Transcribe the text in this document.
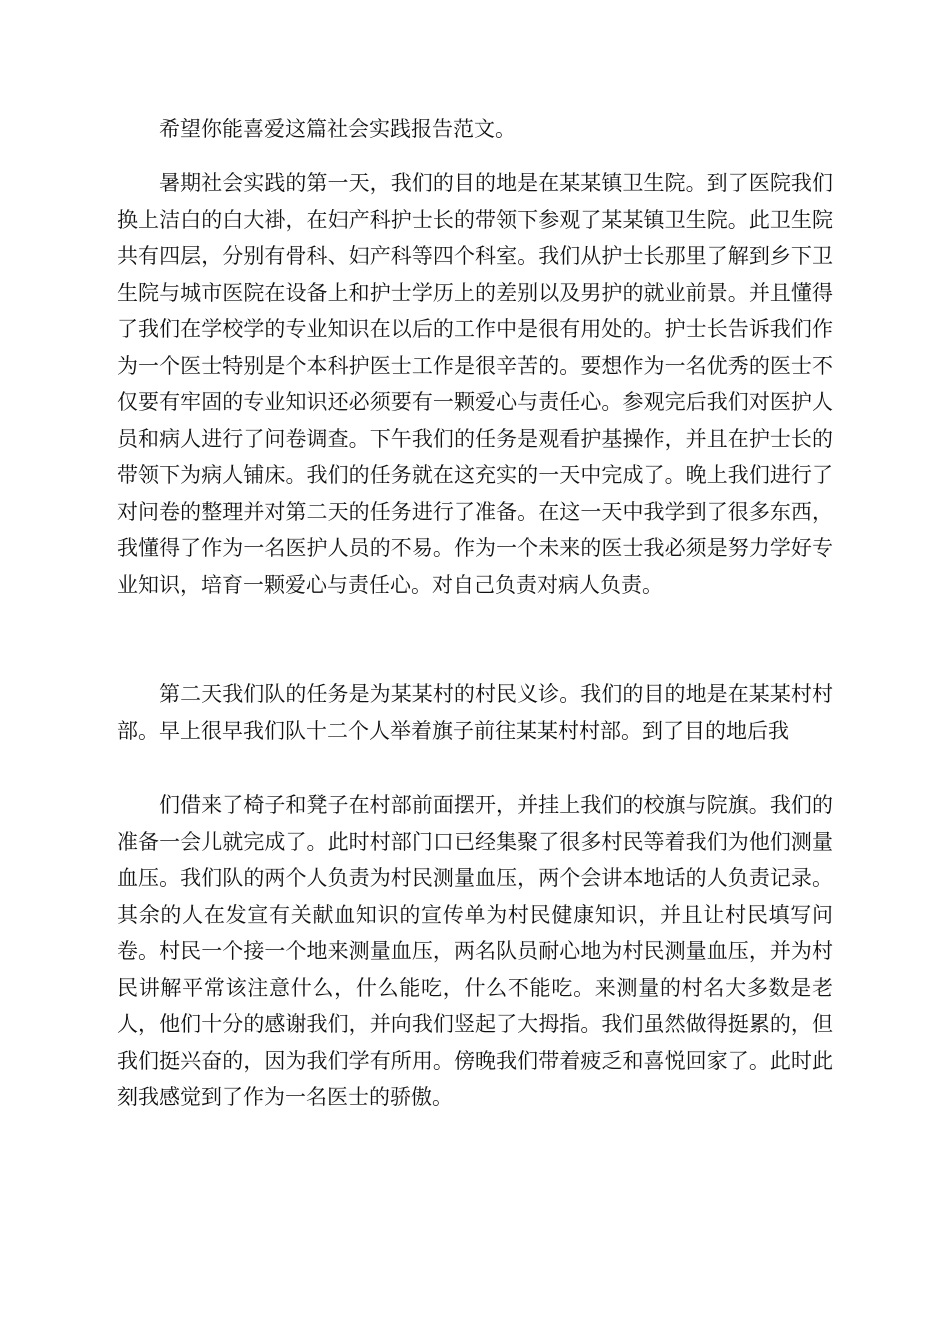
希望你能喜爱这篇社会实践报告范文。

暑期社会实践的第一天，我们的目的地是在某某镇卫生院。到了医院我们换上洁白的白大褂，在妇产科护士长的带领下参观了某某镇卫生院。此卫生院共有四层，分别有骨科、妇产科等四个科室。我们从护士长那里了解到乡下卫生院与城市医院在设备上和护士学历上的差别以及男护的就业前景。并且懂得了我们在学校学的专业知识在以后的工作中是很有用处的。护士长告诉我们作为一个医士特别是个本科护医士工作是很辛苦的。要想作为一名优秀的医士不仅要有牢固的专业知识还必须要有一颗爱心与责任心。参观完后我们对医护人员和病人进行了问卷调查。下午我们的任务是观看护基操作，并且在护士长的带领下为病人铺床。我们的任务就在这充实的一天中完成了。晚上我们进行了对问卷的整理并对第二天的任务进行了准备。在这一天中我学到了很多东西，我懂得了作为一名医护人员的不易。作为一个未来的医士我必须是努力学好专业知识，培育一颗爱心与责任心。对自己负责对病人负责。

第二天我们队的任务是为某某村的村民义诊。我们的目的地是在某某村村部。早上很早我们队十二个人举着旗子前往某某村村部。到了目的地后我

们借来了椅子和凳子在村部前面摆开，并挂上我们的校旗与院旗。我们的准备一会儿就完成了。此时村部门口已经集聚了很多村民等着我们为他们测量血压。我们队的两个人负责为村民测量血压，两个会讲本地话的人负责记录。其余的人在发宣有关献血知识的宣传单为村民健康知识，并且让村民填写问卷。村民一个接一个地来测量血压，两名队员耐心地为村民测量血压，并为村民讲解平常该注意什么，什么能吃，什么不能吃。来测量的村名大多数是老人，他们十分的感谢我们，并向我们竖起了大拇指。我们虽然做得挺累的，但我们挺兴奋的，因为我们学有所用。傍晚我们带着疲乏和喜悦回家了。此时此刻我感觉到了作为一名医士的骄傲。
